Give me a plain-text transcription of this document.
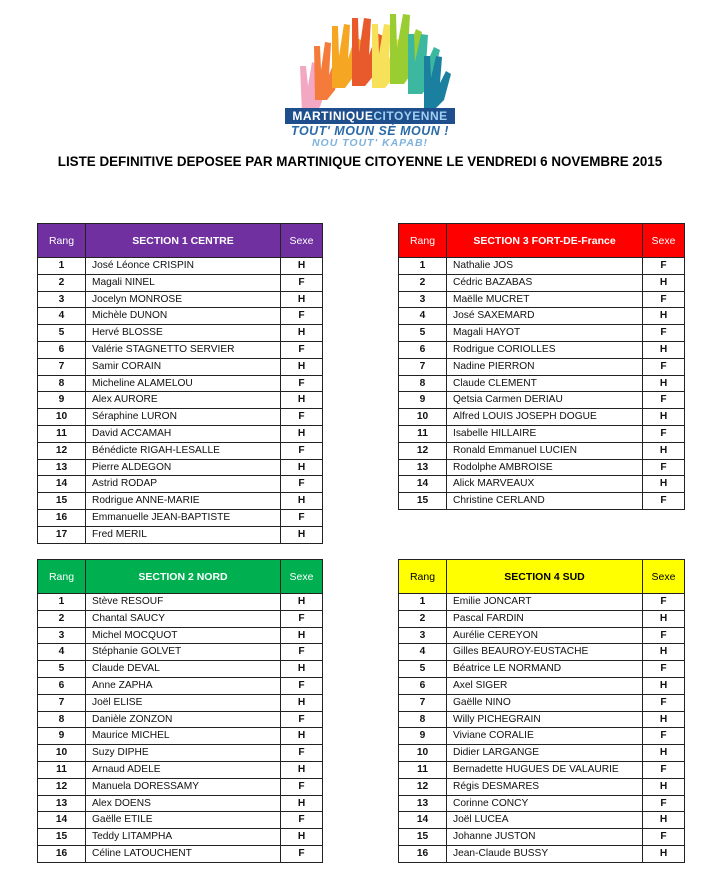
MARTINIQUECITOYENNE
TOUT' MOUN SÉ MOUN !
NOU TOUT' KAPAB!
LISTE DEFINITIVE DEPOSEE PAR MARTINIQUE CITOYENNE LE VENDREDI 6 NOVEMBRE 2015
Rang	SECTION 1 CENTRE	Sexe
1	José Léonce CRISPIN	H
2	Magali NINEL	F
3	Jocelyn MONROSE	H
4	Michèle DUNON	F
5	Hervé BLOSSE	H
6	Valérie STAGNETTO SERVIER	F
7	Samir CORAIN	H
8	Micheline ALAMELOU	F
9	Alex AURORE	H
10	Séraphine LURON	F
11	David ACCAMAH	H
12	Bénédicte RIGAH-LESALLE	F
13	Pierre ALDEGON	H
14	Astrid RODAP	F
15	Rodrigue ANNE-MARIE	H
16	Emmanuelle JEAN-BAPTISTE	F
17	Fred MERIL	H
Rang	SECTION 3 FORT-DE-France	Sexe
1	Nathalie JOS	F
2	Cédric BAZABAS	H
3	Maëlle MUCRET	F
4	José SAXEMARD	H
5	Magali HAYOT	F
6	Rodrigue CORIOLLES	H
7	Nadine PIERRON	F
8	Claude CLEMENT	H
9	Qetsia Carmen DERIAU	F
10	Alfred LOUIS JOSEPH DOGUE	H
11	Isabelle HILLAIRE	F
12	Ronald Emmanuel LUCIEN	H
13	Rodolphe AMBROISE	F
14	Alick MARVEAUX	H
15	Christine CERLAND	F
Rang	SECTION 2 NORD	Sexe
1	Stève RESOUF	H
2	Chantal SAUCY	F
3	Michel MOCQUOT	H
4	Stéphanie GOLVET	F
5	Claude DEVAL	H
6	Anne ZAPHA	F
7	Joël ELISE	H
8	Danièle ZONZON	F
9	Maurice MICHEL	H
10	Suzy DIPHE	F
11	Arnaud ADELE	H
12	Manuela DORESSAMY	F
13	Alex DOENS	H
14	Gaëlle ETILE	F
15	Teddy LITAMPHA	H
16	Céline LATOUCHENT	F
Rang	SECTION 4 SUD	Sexe
1	Emilie JONCART	F
2	Pascal FARDIN	H
3	Aurélie CEREYON	F
4	Gilles BEAUROY-EUSTACHE	H
5	Béatrice LE NORMAND	F
6	Axel SIGER	H
7	Gaëlle NINO	F
8	Willy PICHEGRAIN	H
9	Viviane CORALIE	F
10	Didier LARGANGE	H
11	Bernadette HUGUES DE VALAURIE	F
12	Régis DESMARES	H
13	Corinne CONCY	F
14	Joël LUCEA	H
15	Johanne JUSTON	F
16	Jean-Claude BUSSY	H
